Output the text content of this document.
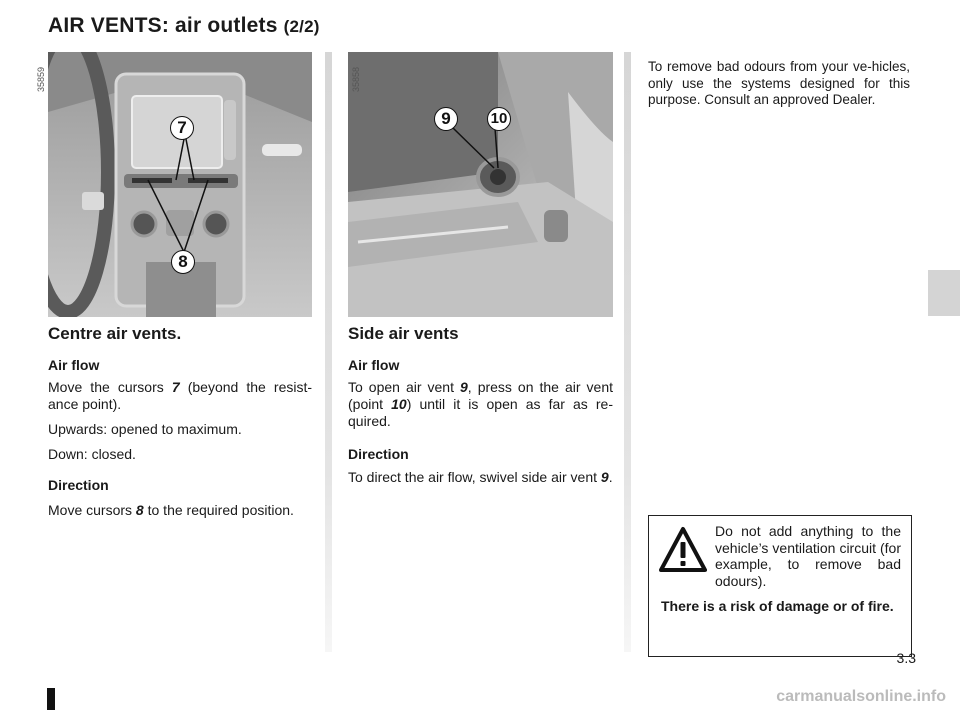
AIR VENTS: air outlets (2/2)
7
8
35859
9	10
35858
Centre air vents.
Air flow

Move the cursors 7 (beyond the resist-ance point).

Upwards: opened to maximum.

Down: closed.

Direction

Move cursors 8 to the required position.

Side air vents
Air flow

To open air vent 9, press on the air vent (point 10) until it is open as far as re-quired.

Direction

To direct the air flow, swivel side air vent 9.

To remove bad odours from your ve-hicles, only use the systems designed for this purpose. Consult an approved Dealer.

Do not add anything to the vehicle’s ventilation circuit (for example, to remove bad odours).
There is a risk of damage or of fire.
3.3
carmanualsonline.info
